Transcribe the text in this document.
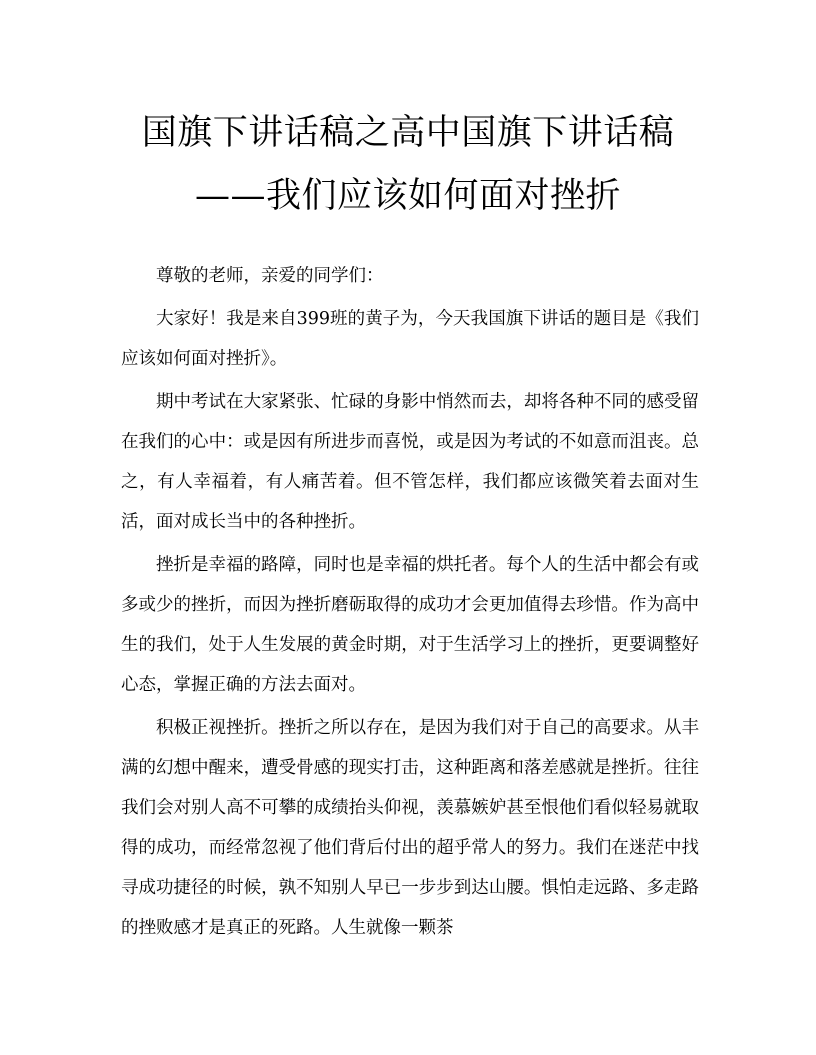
国旗下讲话稿之高中国旗下讲话稿
——我们应该如何面对挫折

尊敬的老师，亲爱的同学们：

大家好！我是来自399班的黄子为，今天我国旗下讲话的题目是《我们应该如何面对挫折》。

期中考试在大家紧张、忙碌的身影中悄然而去，却将各种不同的感受留在我们的心中：或是因有所进步而喜悦，或是因为考试的不如意而沮丧。总之，有人幸福着，有人痛苦着。但不管怎样，我们都应该微笑着去面对生活，面对成长当中的各种挫折。

挫折是幸福的路障，同时也是幸福的烘托者。每个人的生活中都会有或多或少的挫折，而因为挫折磨砺取得的成功才会更加值得去珍惜。作为高中生的我们，处于人生发展的黄金时期，对于生活学习上的挫折，更要调整好心态，掌握正确的方法去面对。

积极正视挫折。挫折之所以存在，是因为我们对于自己的高要求。从丰满的幻想中醒来，遭受骨感的现实打击，这种距离和落差感就是挫折。往往我们会对别人高不可攀的成绩抬头仰视，羡慕嫉妒甚至恨他们看似轻易就取得的成功，而经常忽视了他们背后付出的超乎常人的努力。我们在迷茫中找寻成功捷径的时候，孰不知别人早已一步步到达山腰。惧怕走远路、多走路的挫败感才是真正的死路。人生就像一颗茶
